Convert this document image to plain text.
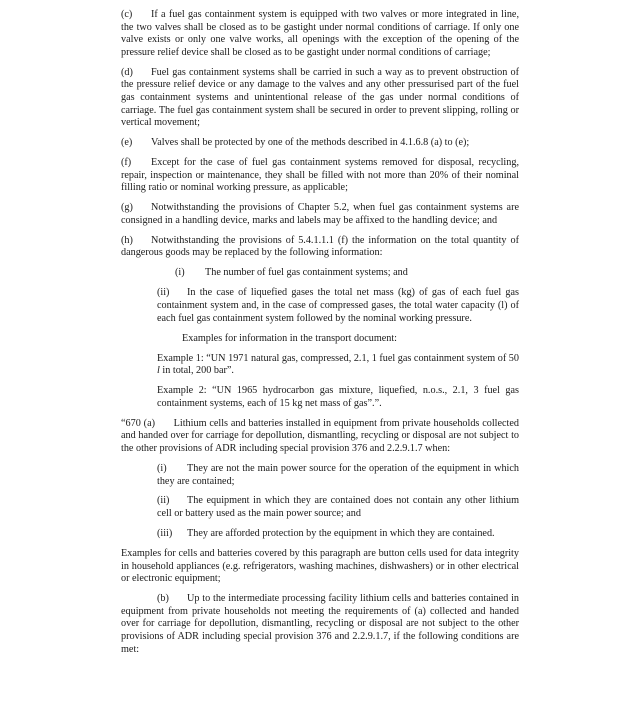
(c) If a fuel gas containment system is equipped with two valves or more integrated in line, the two valves shall be closed as to be gastight under normal conditions of carriage. If only one valve exists or only one valve works, all openings with the exception of the opening of the pressure relief device shall be closed as to be gastight under normal conditions of carriage;

(d) Fuel gas containment systems shall be carried in such a way as to prevent obstruction of the pressure relief device or any damage to the valves and any other pressurised part of the fuel gas containment systems and unintentional release of the gas under normal conditions of carriage. The fuel gas containment system shall be secured in order to prevent slipping, rolling or vertical movement;

(e) Valves shall be protected by one of the methods described in 4.1.6.8 (a) to (e);

(f) Except for the case of fuel gas containment systems removed for disposal, recycling, repair, inspection or maintenance, they shall be filled with not more than 20% of their nominal filling ratio or nominal working pressure, as applicable;

(g) Notwithstanding the provisions of Chapter 5.2, when fuel gas containment systems are consigned in a handling device, marks and labels may be affixed to the handling device; and

(h) Notwithstanding the provisions of 5.4.1.1.1 (f) the information on the total quantity of dangerous goods may be replaced by the following information:

(i) The number of fuel gas containment systems; and

(ii) In the case of liquefied gases the total net mass (kg) of gas of each fuel gas containment system and, in the case of compressed gases, the total water capacity (l) of each fuel gas containment system followed by the nominal working pressure.

Examples for information in the transport document:

Example 1: “UN 1971 natural gas, compressed, 2.1, 1 fuel gas containment system of 50 l in total, 200 bar”.

Example 2: “UN 1965 hydrocarbon gas mixture, liquefied, n.o.s., 2.1, 3 fuel gas containment systems, each of 15 kg net mass of gas”.”.

“670 (a) Lithium cells and batteries installed in equipment from private households collected and handed over for carriage for depollution, dismantling, recycling or disposal are not subject to the other provisions of ADR including special provision 376 and 2.2.9.1.7 when:

(i) They are not the main power source for the operation of the equipment in which they are contained;

(ii) The equipment in which they are contained does not contain any other lithium cell or battery used as the main power source; and

(iii) They are afforded protection by the equipment in which they are contained.

Examples for cells and batteries covered by this paragraph are button cells used for data integrity in household appliances (e.g. refrigerators, washing machines, dishwashers) or in other electrical or electronic equipment;

(b) Up to the intermediate processing facility lithium cells and batteries contained in equipment from private households not meeting the requirements of (a) collected and handed over for carriage for depollution, dismantling, recycling or disposal are not subject to the other provisions of ADR including special provision 376 and 2.2.9.1.7, if the following conditions are met:
